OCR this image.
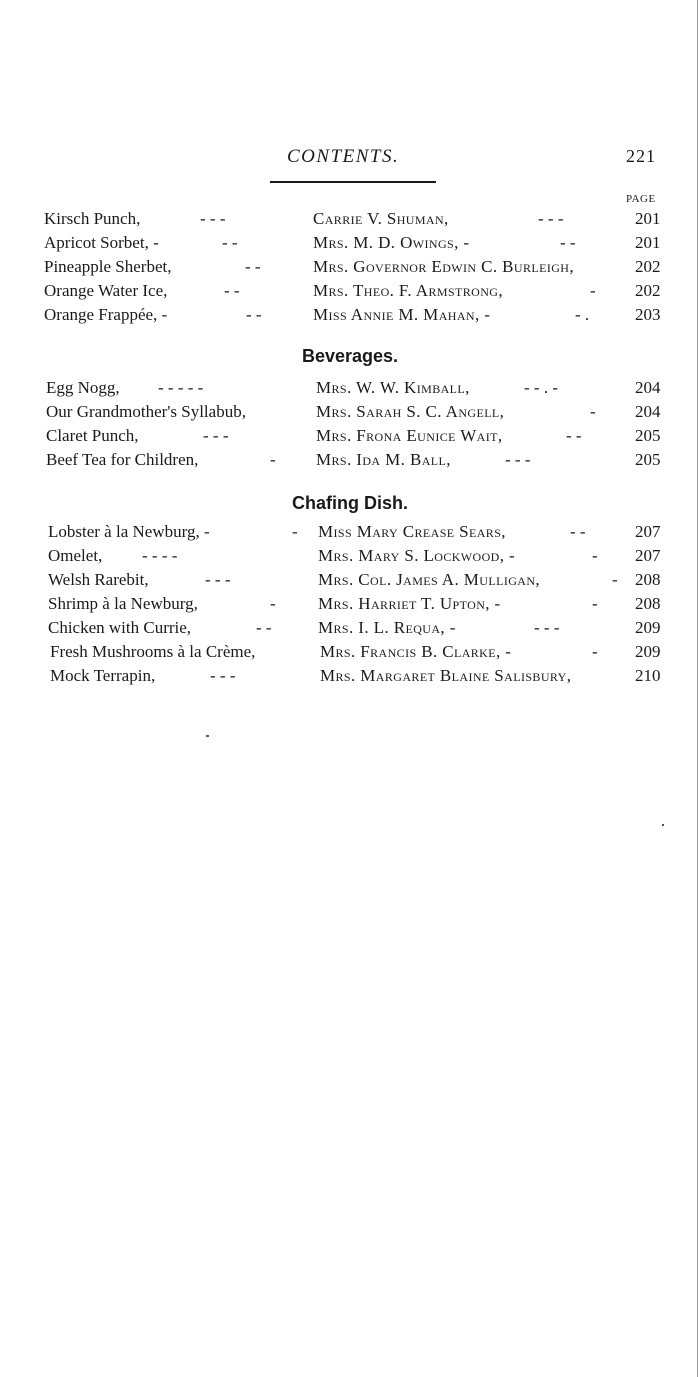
CONTENTS.	221
PAGE
Kirsch Punch,	- - -	Carrie V. Shuman,	- - -	201
Apricot Sorbet, -	- -	Mrs. M. D. Owings, -	- -	201
Pineapple Sherbet,	- -	Mrs. Governor Edwin C. Burleigh,	202
Orange Water Ice,	- -	Mrs. Theo. F. Armstrong,	- 202
Orange Frappée, -	- -	Miss Annie M. Mahan, -	- .	203
Beverages.
Egg Nogg, - - - - -	Mrs. W. W. Kimball,	- - . -	204
Our Grandmother's Syllabub,	Mrs. Sarah S. C. Angell,	- 204
Claret Punch,	- - -	Mrs. Frona Eunice Wait,	- -	205
Beef Tea for Children,	- Mrs. Ida M. Ball,	- - -	205
Chafing Dish.
Lobster à la Newburg, -	- Miss Mary Crease Sears,	- -	207
Omelet, - - - -	Mrs. Mary S. Lockwood, -	- 207
Welsh Rarebit,	- - -	Mrs. Col. James A. Mulligan,	- 208
Shrimp à la Newburg,	- Mrs. Harriet T. Upton, -	- 208
Chicken with Currie,	- -	Mrs. I. L. Requa, -	- - -	209
Fresh Mushrooms à la Crème,	Mrs. Francis B. Clarke, -	- 209
Mock Terrapin,	- - -	Mrs. Margaret Blaine Salisbury,	210
